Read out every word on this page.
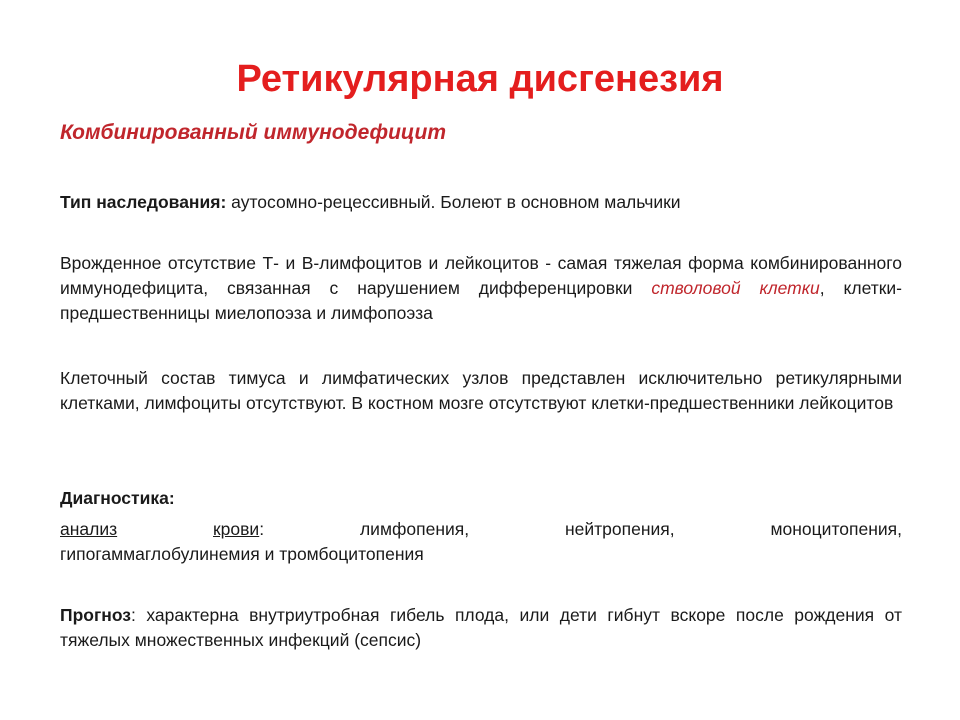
Ретикулярная дисгенезия
Комбинированный иммунодефицит

Тип наследования: аутосомно-рецессивный. Болеют в основном мальчики

Врожденное отсутствие Т- и В-лимфоцитов и лейкоцитов - самая тяжелая форма комбинированного иммунодефицита, связанная с нарушением дифференцировки стволовой клетки, клетки-предшественницы миелопоэза и лимфопоэза

Клеточный состав тимуса и лимфатических узлов представлен исключительно ретикулярными клетками, лимфоциты отсутствуют. В костном мозге отсутствуют клетки-предшественники лейкоцитов

Диагностика:

анализ	крови:	лимфопения,	нейтропения,	моноцитопения,
гипогаммаглобулинемия и тромбоцитопения

Прогноз: характерна внутриутробная гибель плода, или дети гибнут вскоре после рождения от тяжелых множественных инфекций (сепсис)
